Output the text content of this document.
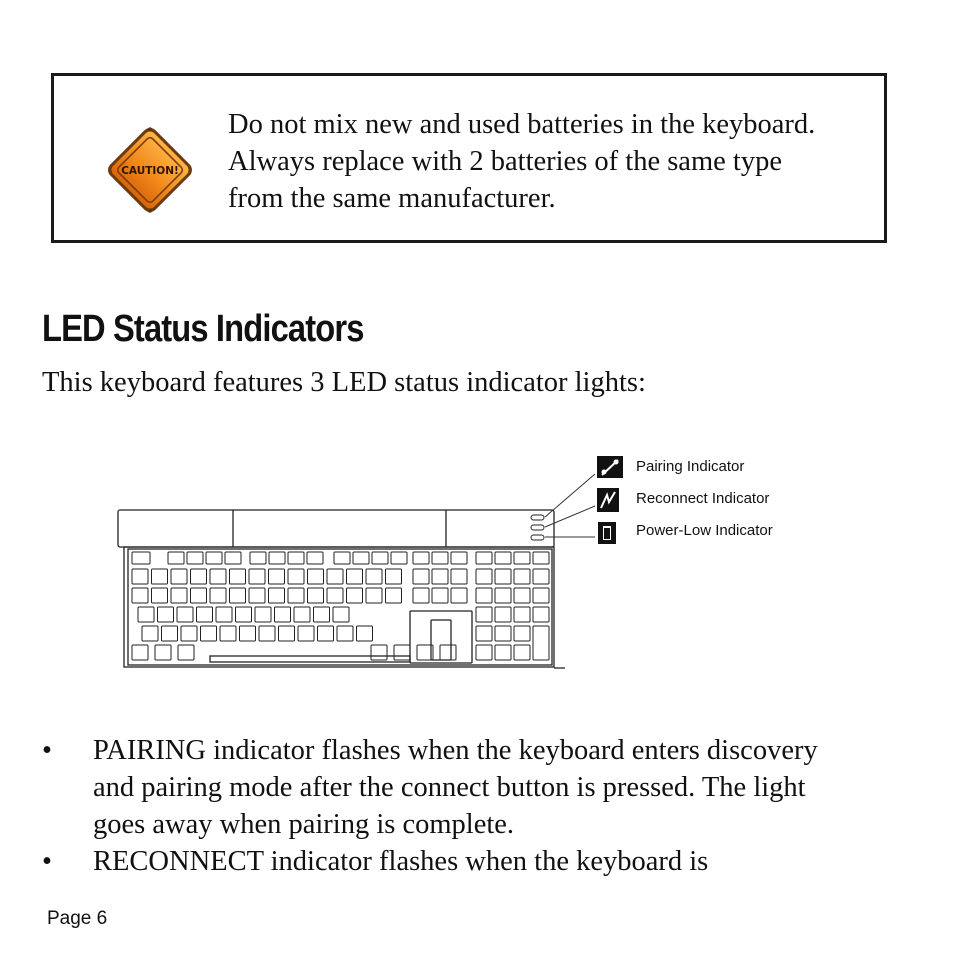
CAUTION!

Do not mix new and used batteries in the keyboard.
Always replace with 2 batteries of the same type
from the same manufacturer.

LED Status Indicators

This keyboard features 3 LED status indicator lights:

Pairing Indicator
Reconnect Indicator
Power-Low Indicator
• PAIRING indicator flashes when the keyboard enters discovery
and pairing mode after the connect button is pressed. The light
goes away when pairing is complete.
• RECONNECT indicator flashes when the keyboard is

Page 6
